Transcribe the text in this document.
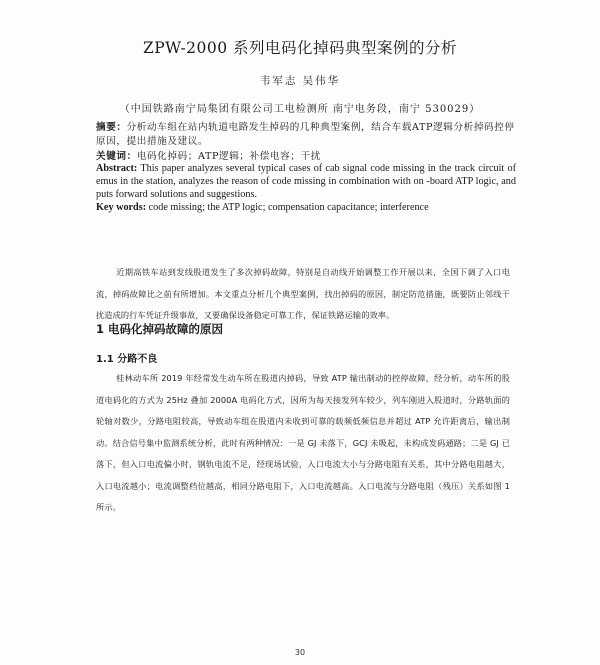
ZPW-2000 系列电码化掉码典型案例的分析
韦军志 吴伟华
（中国铁路南宁局集团有限公司工电检测所 南宁电务段，南宁 530029）
摘要：分析动车组在站内轨道电路发生掉码的几种典型案例，结合车载ATP逻辑分析掉码控停原因，提出措施及建议。
关键词：电码化掉码；ATP逻辑；补偿电容；干扰
Abstract: This paper analyzes several typical cases of cab signal code missing in the track circuit of emus in the station, analyzes the reason of code missing in combination with on -board ATP logic, and puts forward solutions and suggestions.
Key words: code missing; the ATP logic; compensation capacitance; interference
近期高铁车站到发线股道发生了多次掉码故障，特别是自动线开始调整工作开展以来，全国下调了入口电流，掉码故障比之前有所增加。本文重点分析几个典型案例，找出掉码的原因，制定防范措施，既要防止邻线干扰造成的行车凭证升级事故，又要确保设备稳定可靠工作，保证铁路运输的效率。
1 电码化掉码故障的原因
1.1 分路不良
桂林动车所 2019 年经常发生动车所在股道内掉码，导致 ATP 输出制动的控停故障，经分析，动车所的股道电码化的方式为 25Hz 叠加 2000A 电码化方式，因所为每天接发列车较少，列车刚进入股道时，分路轨面的轮轴对数少，分路电阻较高，导致动车组在股道内未收到可靠的载频低频信息并超过 ATP 允许距离后，输出制动。结合信号集中监测系统分析，此时有两种情况：一是 GJ 未落下，GCJ 未吸起，未构成发码通路；二是 GJ 已落下，但入口电流偏小时，钢轨电流不足，经现场试验，入口电流大小与分路电阻有关系，其中分路电阻越大，入口电流越小；电流调整档位越高，相同分路电阻下，入口电流越高。入口电流与分路电阻（残压）关系如图 1 所示。
30
